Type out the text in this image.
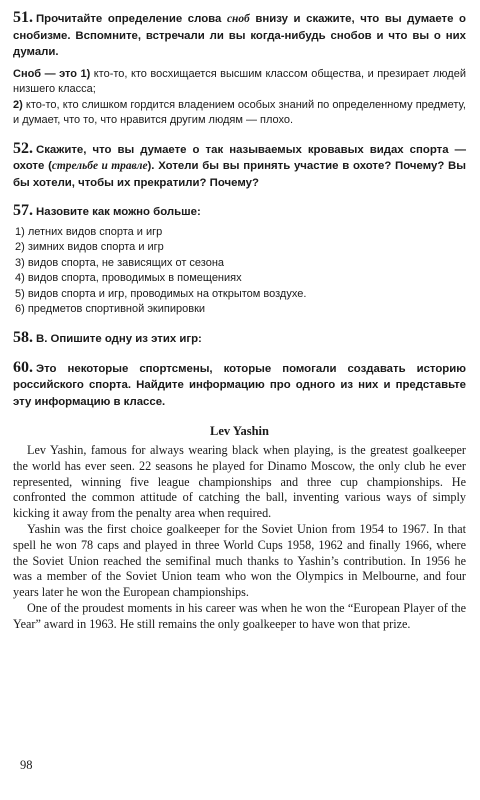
51. Прочитайте определение слова сноб внизу и скажите, что вы думаете о снобизме. Вспомните, встречали ли вы когда-нибудь снобов и что вы о них думали.
Сноб — это 1) кто-то, кто восхищается высшим классом общества, и презирает людей низшего класса;
2) кто-то, кто слишком гордится владением особых знаний по определенному предмету, и думает, что то, что нравится другим людям — плохо.
52. Скажите, что вы думаете о так называемых кровавых видах спорта — охоте (стрельбе и травле). Хотели бы вы принять участие в охоте? Почему? Вы бы хотели, чтобы их прекратили? Почему?
57. Назовите как можно больше:
1) летних видов спорта и игр
2) зимних видов спорта и игр
3) видов спорта, не зависящих от сезона
4) видов спорта, проводимых в помещениях
5) видов спорта и игр, проводимых на открытом воздухе.
6) предметов спортивной экипировки
58. В. Опишите одну из этих игр:
60. Это некоторые спортсмены, которые помогали создавать историю российского спорта. Найдите информацию про одного из них и представьте эту информацию в классе.
Lev Yashin

Lev Yashin, famous for always wearing black when playing, is the greatest goalkeeper the world has ever seen. 22 seasons he played for Dinamo Moscow, the only club he ever represented, winning five league championships and three cup championships. He confronted the common attitude of catching the ball, inventing various ways of simply kicking it away from the penalty area when required.

Yashin was the first choice goalkeeper for the Soviet Union from 1954 to 1967. In that spell he won 78 caps and played in three World Cups 1958, 1962 and finally 1966, where the Soviet Union reached the semifinal much thanks to Yashin’s contribution. In 1956 he was a member of the Soviet Union team who won the Olympics in Melbourne, and four years later he won the European championships.

One of the proudest moments in his career was when he won the “European Player of the Year” award in 1963. He still remains the only goalkeeper to have won that prize.

98
